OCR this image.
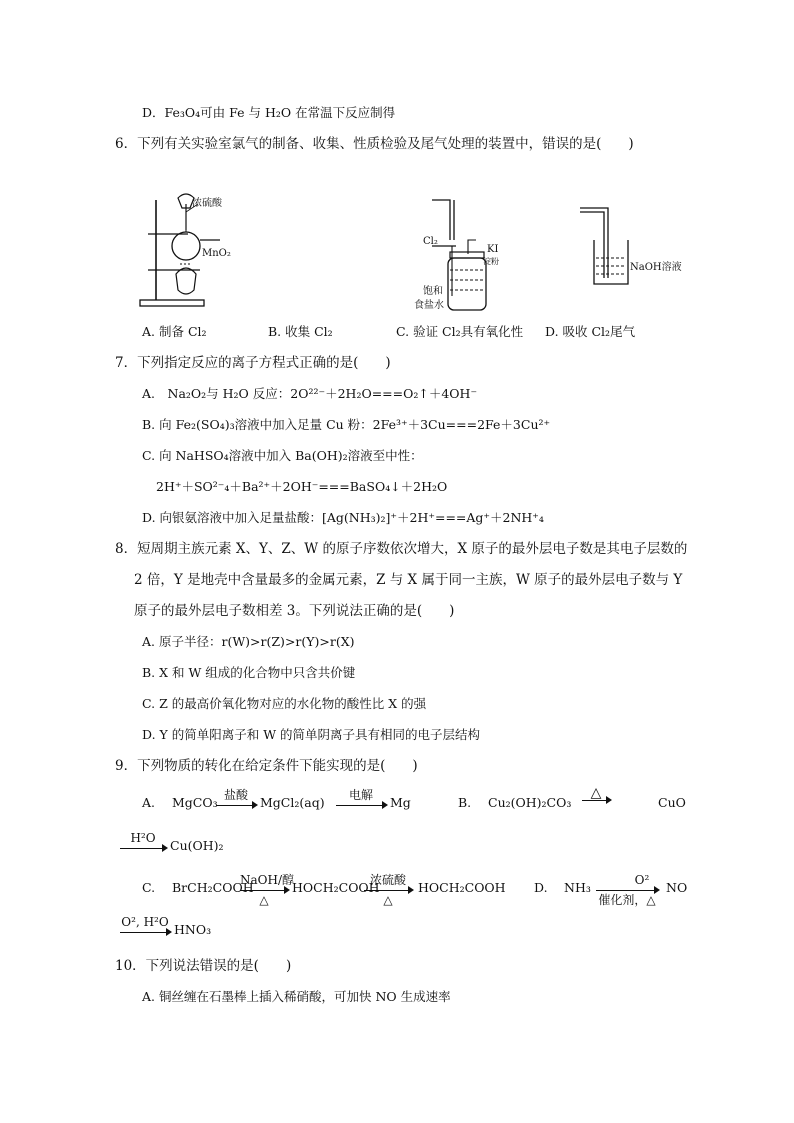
D．Fe₃O₄可由 Fe 与 H₂O 在常温下反应制得
6．下列有关实验室氯气的制备、收集、性质检验及尾气处理的装置中，错误的是(　　)
浓硫酸
MnO₂
Cl₂
KI
淀粉
饱和
食盐水
NaOH溶液
A. 制备 Cl₂	B. 收集 Cl₂	C. 验证 Cl₂具有氧化性 D. 吸收 Cl₂尾气
7．下列指定反应的离子方程式正确的是(　　)
A.　Na₂O₂与 H₂O 反应：2O²²⁻＋2H₂O===O₂↑＋4OH⁻
B. 向 Fe₂(SO₄)₃溶液中加入足量 Cu 粉：2Fe³⁺＋3Cu===2Fe＋3Cu²⁺
C. 向 NaHSO₄溶液中加入 Ba(OH)₂溶液至中性：
2H⁺＋SO²⁻₄＋Ba²⁺＋2OH⁻===BaSO₄↓＋2H₂O
D. 向银氨溶液中加入足量盐酸：[Ag(NH₃)₂]⁺＋2H⁺===Ag⁺＋2NH⁺₄
8．短周期主族元素 X、Y、Z、W 的原子序数依次增大，X 原子的最外层电子数是其电子层数的
2 倍，Y 是地壳中含量最多的金属元素，Z 与 X 属于同一主族，W 原子的最外层电子数与 Y
原子的最外层电子数相差 3。下列说法正确的是(　　)
A. 原子半径：r(W)>r(Z)>r(Y)>r(X)
B. X 和 W 组成的化合物中只含共价键
C. Z 的最高价氧化物对应的水化物的酸性比 X 的强
D. Y 的简单阳离子和 W 的简单阴离子具有相同的电子层结构
9．下列物质的转化在给定条件下能实现的是(　　)
A. MgCO₃
盐酸
MgCl₂(aq)
电解
Mg	B. Cu₂(OH)₂CO₃
△
CuO
H²O
Cu(OH)₂
C. BrCH₂COOH
NaOH/醇
△
HOCH₂COOH
浓硫酸
△
HOCH₂COOH D. NH₃
O²
催化剂，△
NO
O², H²O
HNO₃
10．下列说法错误的是(　　)
A. 铜丝缠在石墨棒上插入稀硝酸，可加快 NO 生成速率
